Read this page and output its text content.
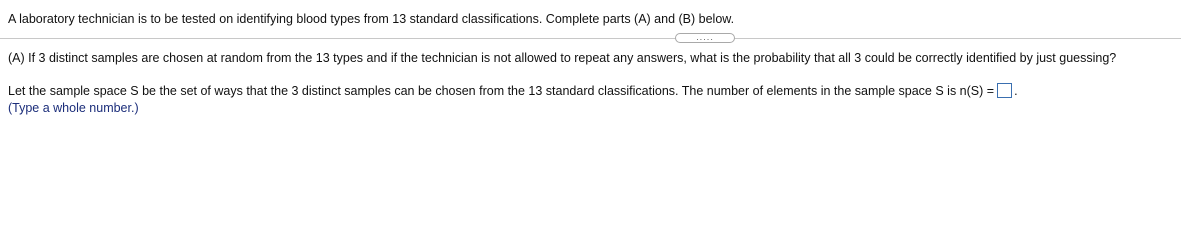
A laboratory technician is to be tested on identifying blood types from 13 standard classifications. Complete parts (A) and (B) below.
.....
(A) If 3 distinct samples are chosen at random from the 13 types and if the technician is not allowed to repeat any answers, what is the probability that all 3 could be correctly identified by just guessing?
Let the sample space S be the set of ways that the 3 distinct samples can be chosen from the 13 standard classifications. The number of elements in the sample space S is n(S) = .
(Type a whole number.)
